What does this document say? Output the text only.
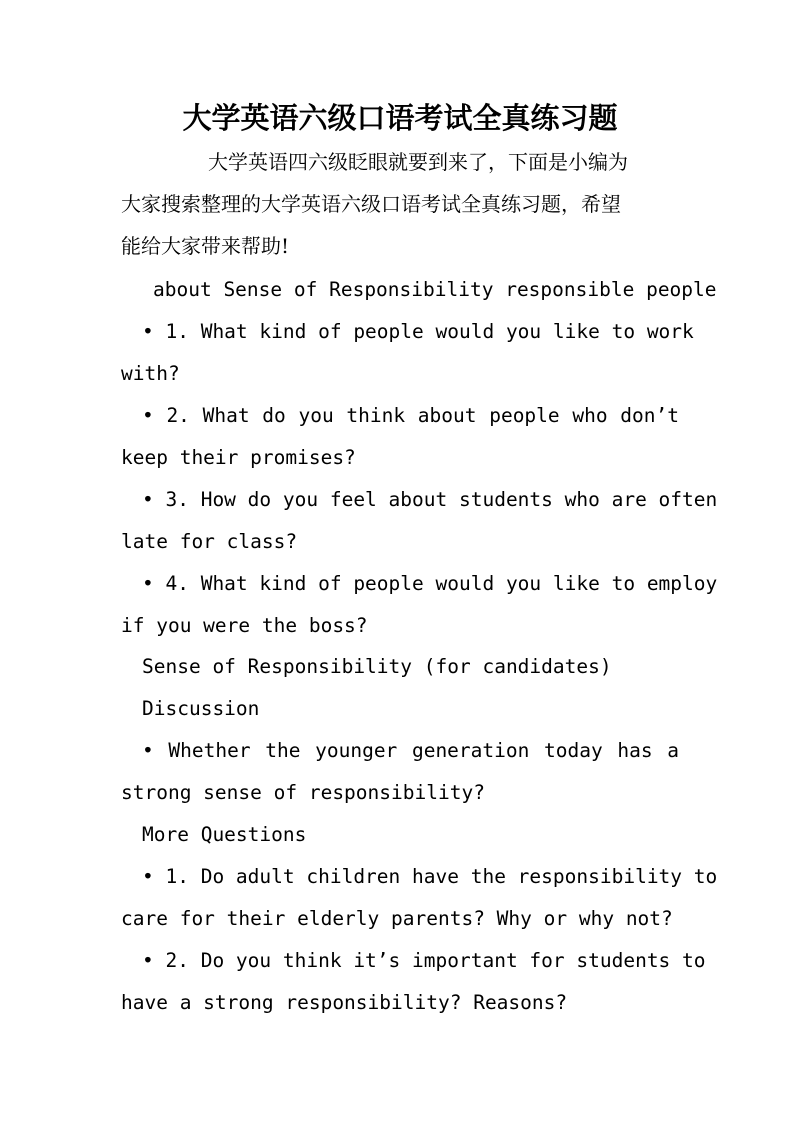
大学英语六级口语考试全真练习题
大学英语四六级眨眼就要到来了，下面是小编为
大家搜索整理的大学英语六级口语考试全真练习题，希望
能给大家带来帮助!
about Sense of Responsibility responsible people
• 1. What kind of people would you like to work
with?
• 2. What do you think about people who don’t
keep their promises?
• 3. How do you feel about students who are often
late for class?
• 4. What kind of people would you like to employ
if you were the boss?
Sense of Responsibility (for candidates)
Discussion
• Whether the younger generation today has a
strong sense of responsibility?
More Questions
• 1. Do adult children have the responsibility to
care for their elderly parents? Why or why not?
• 2. Do you think it’s important for students to
have a strong responsibility? Reasons?
